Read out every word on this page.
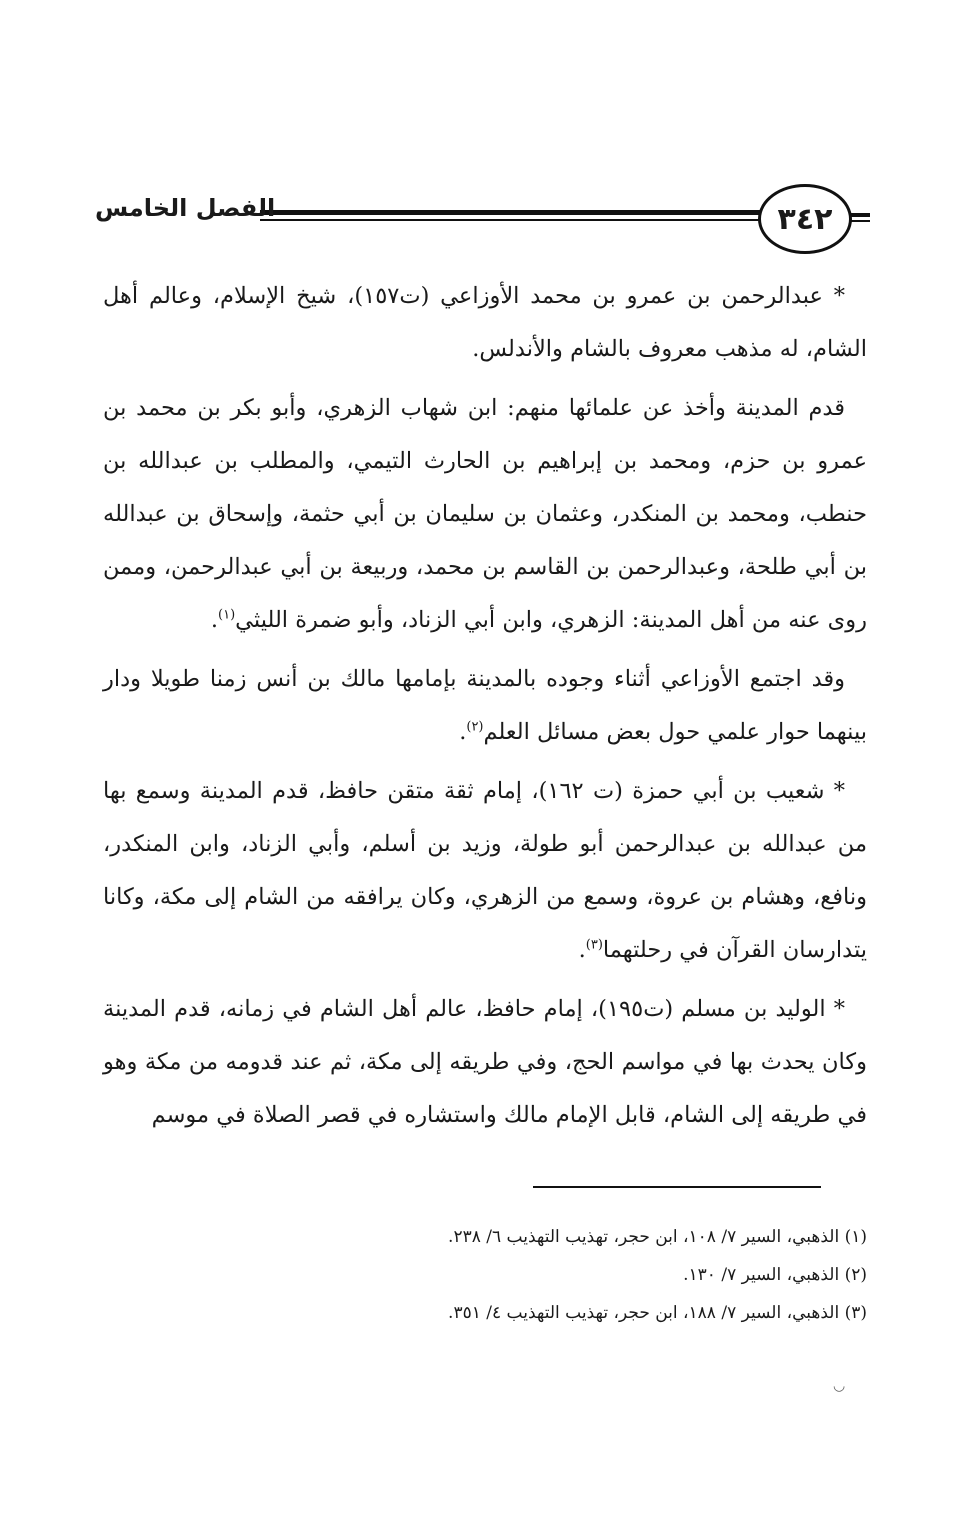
٣٤٢
الفصل الخامس

* عبدالرحمن بن عمرو بن محمد الأوزاعي (ت١٥٧)، شيخ الإسلام، وعالم أهل الشام، له مذهب معروف بالشام والأندلس.

قدم المدينة وأخذ عن علمائها منهم: ابن شهاب الزهري، وأبو بكر بن محمد بن عمرو بن حزم، ومحمد بن إبراهيم بن الحارث التيمي، والمطلب بن عبدالله بن حنطب، ومحمد بن المنكدر، وعثمان بن سليمان بن أبي حثمة، وإسحاق بن عبدالله بن أبي طلحة، وعبدالرحمن بن القاسم بن محمد، وربيعة بن أبي عبدالرحمن، وممن روى عنه من أهل المدينة: الزهري، وابن أبي الزناد، وأبو ضمرة الليثي$^{(١)}$.

وقد اجتمع الأوزاعي أثناء وجوده بالمدينة بإمامها مالك بن أنس زمنا طويلا ودار بينهما حوار علمي حول بعض مسائل العلم$^{(٢)}$.

* شعيب بن أبي حمزة (ت ١٦٢)، إمام ثقة متقن حافظ، قدم المدينة وسمع بها من عبدالله بن عبدالرحمن أبو طولة، وزيد بن أسلم، وأبي الزناد، وابن المنكدر، ونافع، وهشام بن عروة، وسمع من الزهري، وكان يرافقه من الشام إلى مكة، وكانا يتدارسان القرآن في رحلتهما$^{(٣)}$.

* الوليد بن مسلم (ت١٩٥)، إمام حافظ، عالم أهل الشام في زمانه، قدم المدينة وكان يحدث بها في مواسم الحج، وفي طريقه إلى مكة، ثم عند قدومه من مكة وهو في طريقه إلى الشام، قابل الإمام مالك واستشاره في قصر الصلاة في موسم

(١) الذهبي، السير ٧/ ١٠٨، ابن حجر، تهذيب التهذيب ٦/ ٢٣٨.
(٢) الذهبي، السير ٧/ ١٣٠.
(٣) الذهبي، السير ٧/ ١٨٨، ابن حجر، تهذيب التهذيب ٤/ ٣٥١.
◡
